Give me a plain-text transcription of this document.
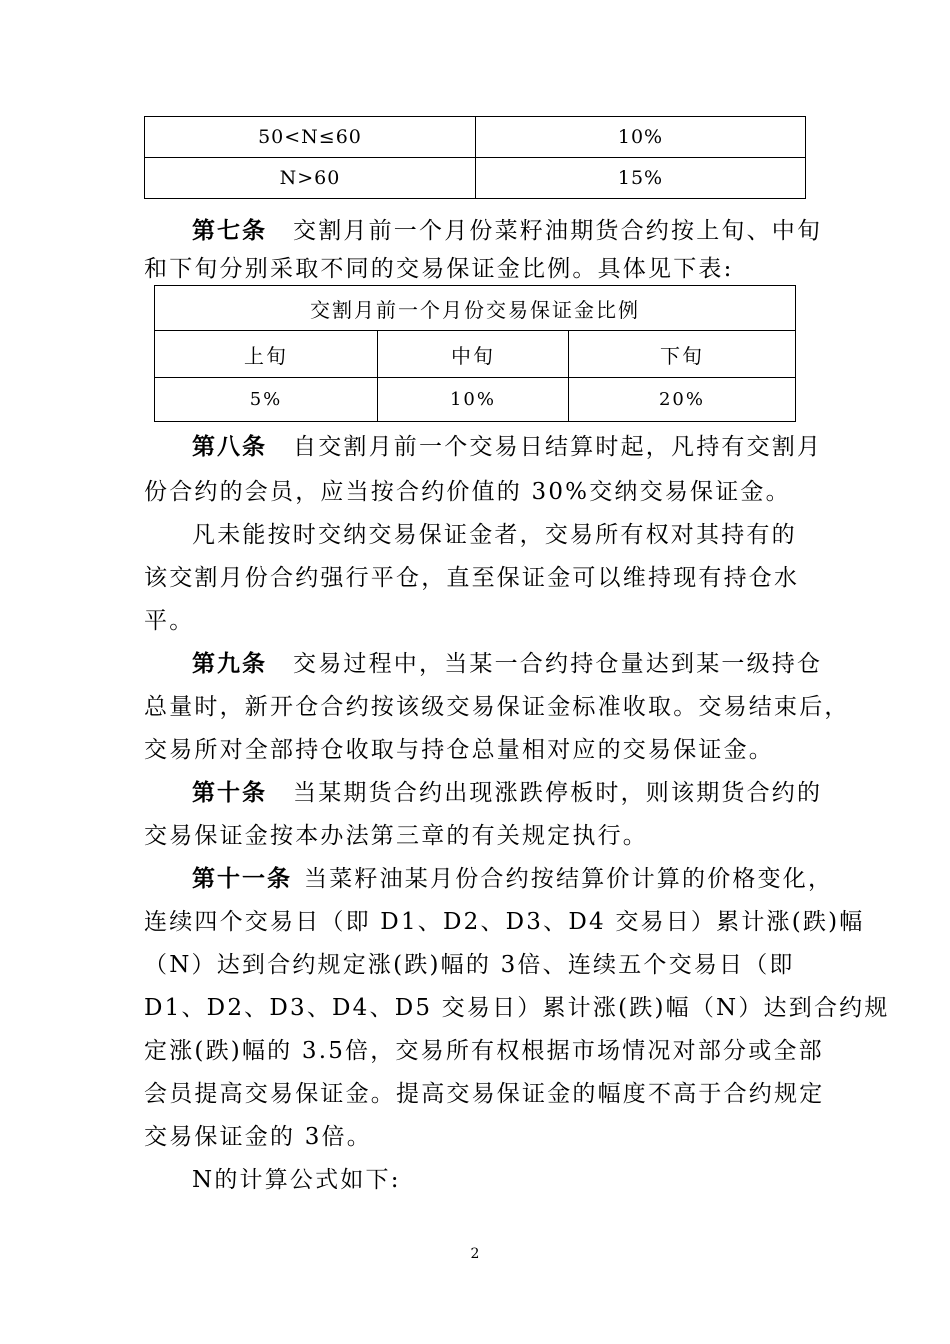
50<N≤60	10%
N>60	15%
第七条 交割月前一个月份菜籽油期货合约按上旬、中旬
和下旬分别采取不同的交易保证金比例。具体见下表:
交割月前一个月份交易保证金比例		
上旬	中旬	下旬
5%	10%	20%
第八条 自交割月前一个交易日结算时起，凡持有交割月
份合约的会员，应当按合约价值的 30%交纳交易保证金。
凡未能按时交纳交易保证金者，交易所有权对其持有的
该交割月份合约强行平仓，直至保证金可以维持现有持仓水
平。
第九条 交易过程中，当某一合约持仓量达到某一级持仓
总量时，新开仓合约按该级交易保证金标准收取。交易结束后，
交易所对全部持仓收取与持仓总量相对应的交易保证金。
第十条 当某期货合约出现涨跌停板时，则该期货合约的
交易保证金按本办法第三章的有关规定执行。
第十一条 当菜籽油某月份合约按结算价计算的价格变化，
连续四个交易日（即 D1、D2、D3、D4 交易日）累计涨(跌)幅
（N）达到合约规定涨(跌)幅的 3倍、连续五个交易日（即
D1、D2、D3、D4、D5 交易日）累计涨(跌)幅（N）达到合约规
定涨(跌)幅的 3.5倍，交易所有权根据市场情况对部分或全部
会员提高交易保证金。提高交易保证金的幅度不高于合约规定
交易保证金的 3倍。
N的计算公式如下:
2
